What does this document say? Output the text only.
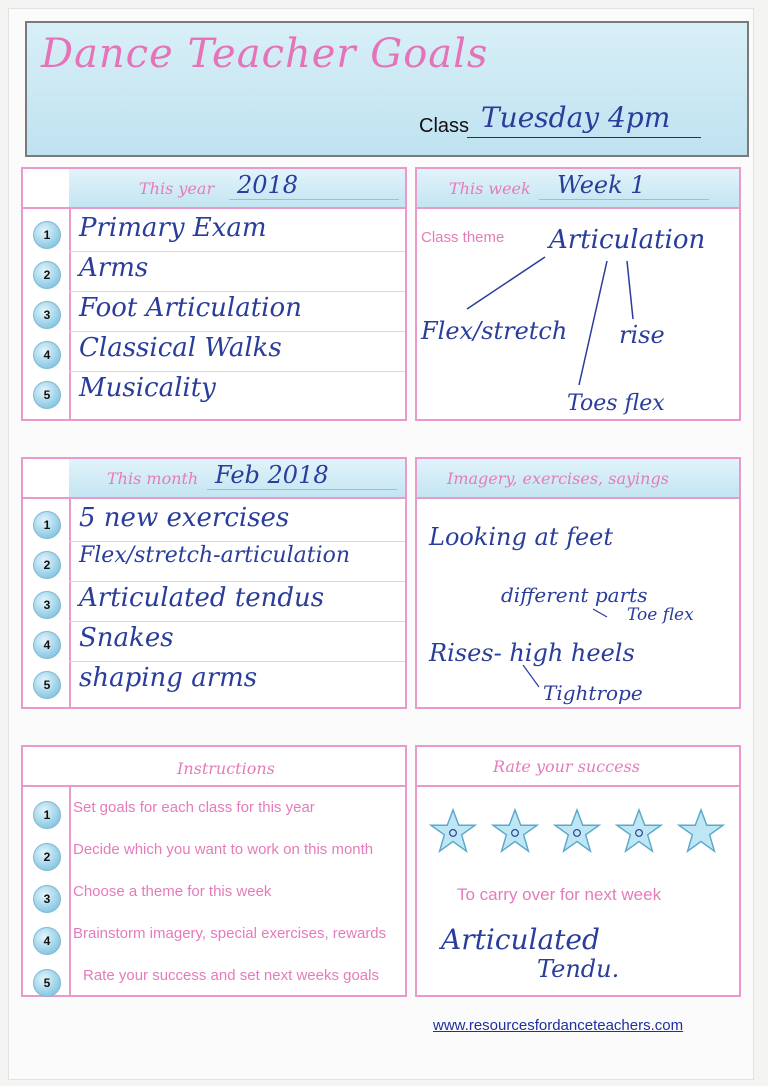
Dance Teacher Goals
Class Tuesday 4pm
This year 2018
Primary Exam
Arms
Foot Articulation
Classical Walks
Musicality
1
2
3
4
5
This week Week 1
Class theme Articulation
Flex/stretch rise
Toes flex
This month Feb 2018
5 new exercises
Flex/stretch-articulation
Articulated tendus
Snakes
shaping arms
1
2
3
4
5
Imagery, exercises, sayings
Looking at feet
different parts
Toe flex
Rises- high heels
Tightrope
Instructions
Set goals for each class for this year
Decide which you want to work on this month
Choose a theme for this week
Brainstorm imagery, special exercises, rewards
Rate your success and set next weeks goals
1
2
3
4
5
Rate your success
To carry over for next week
Articulated
Tendu.
www.resourcesfordanceteachers.com
